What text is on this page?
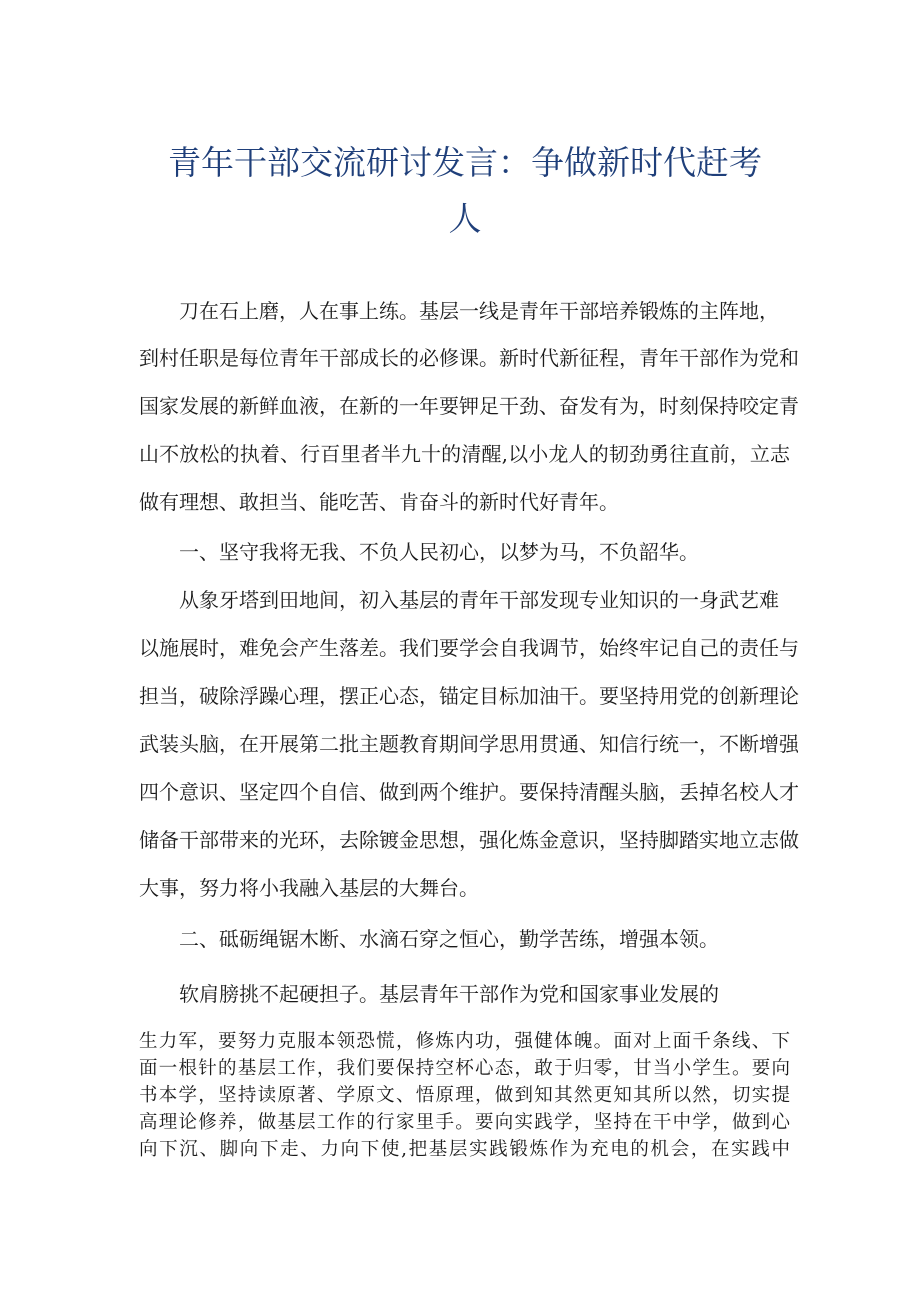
青年干部交流研讨发言：争做新时代赶考
人

刀在石上磨，人在事上练。基层一线是青年干部培养锻炼的主阵地，

到村任职是每位青年干部成长的必修课。新时代新征程，青年干部作为党和

国家发展的新鲜血液，在新的一年要钾足干劲、奋发有为，时刻保持咬定青

山不放松的执着、行百里者半九十的清醒,以小龙人的韧劲勇往直前，立志

做有理想、敢担当、能吃苦、肯奋斗的新时代好青年。

一、坚守我将无我、不负人民初心，以梦为马，不负韶华。

从象牙塔到田地间，初入基层的青年干部发现专业知识的一身武艺难

以施展时，难免会产生落差。我们要学会自我调节，始终牢记自己的责任与

担当，破除浮躁心理，摆正心态，锚定目标加油干。要坚持用党的创新理论

武装头脑，在开展第二批主题教育期间学思用贯通、知信行统一，不断增强

四个意识、坚定四个自信、做到两个维护。要保持清醒头脑，丢掉名校人才

储备干部带来的光环，去除镀金思想，强化炼金意识，坚持脚踏实地立志做

大事，努力将小我融入基层的大舞台。

二、砥砺绳锯木断、水滴石穿之恒心，勤学苦练，增强本领。

软肩膀挑不起硬担子。基层青年干部作为党和国家事业发展的

生力军，要努力克服本领恐慌，修炼内功，强健体魄。面对上面千条线、下

面一根针的基层工作，我们要保持空杯心态，敢于归零，甘当小学生。要向

书本学，坚持读原著、学原文、悟原理，做到知其然更知其所以然，切实提

高理论修养，做基层工作的行家里手。要向实践学，坚持在干中学，做到心

向下沉、脚向下走、力向下使,把基层实践锻炼作为充电的机会，在实践中
